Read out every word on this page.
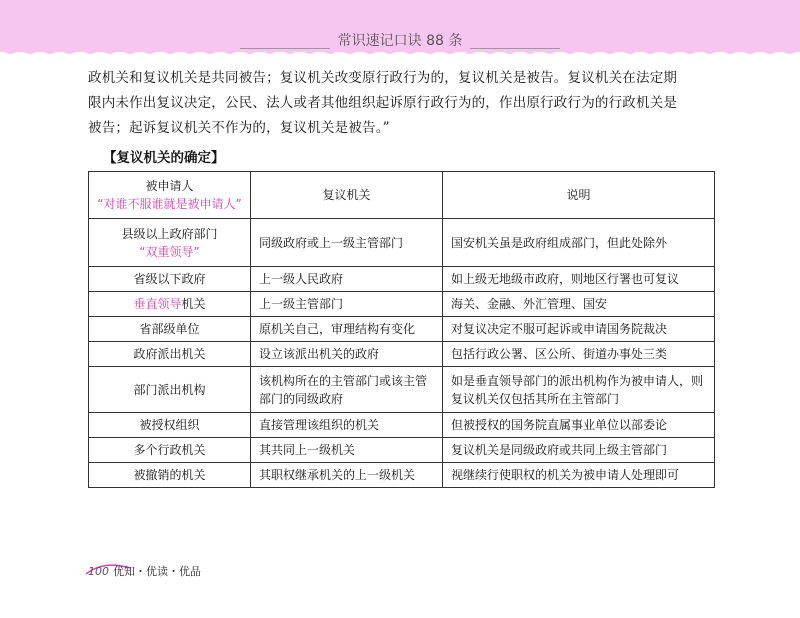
常识速记口诀 88 条

政机关和复议机关是共同被告；复议机关改变原行政行为的，复议机关是被告。复议机关在法定期

限内未作出复议决定，公民、法人或者其他组织起诉原行政行为的，作出原行政行为的行政机关是

被告；起诉复议机关不作为的，复议机关是被告。”

【复议机关的确定】
被申请人
“对谁不服谁就是被申请人”	复议机关	说明

县级以上政府部门
“双重领导”	同级政府或上一级主管部门	国安机关虽是政府组成部门，但此处除外
省级以下政府	上一级人民政府	如上级无地级市政府，则地区行署也可复议
垂直领导机关	上一级主管部门	海关、金融、外汇管理、国安
省部级单位	原机关自己，审理结构有变化	对复议决定不服可起诉或申请国务院裁决
政府派出机关	设立该派出机关的政府	包括行政公署、区公所、街道办事处三类
部门派出机构	该机构所在的主管部门或该主管部门的同级政府	如是垂直领导部门的派出机构作为被申请人，则复议机关仅包括其所在主管部门
被授权组织	直接管理该组织的机关	但被授权的国务院直属事业单位以部委论
多个行政机关	其共同上一级机关	复议机关是同级政府或共同上级主管部门
被撤销的机关	其职权继承机关的上一级机关	视继续行使职权的机关为被申请人处理即可
100 优知・优读・优品
